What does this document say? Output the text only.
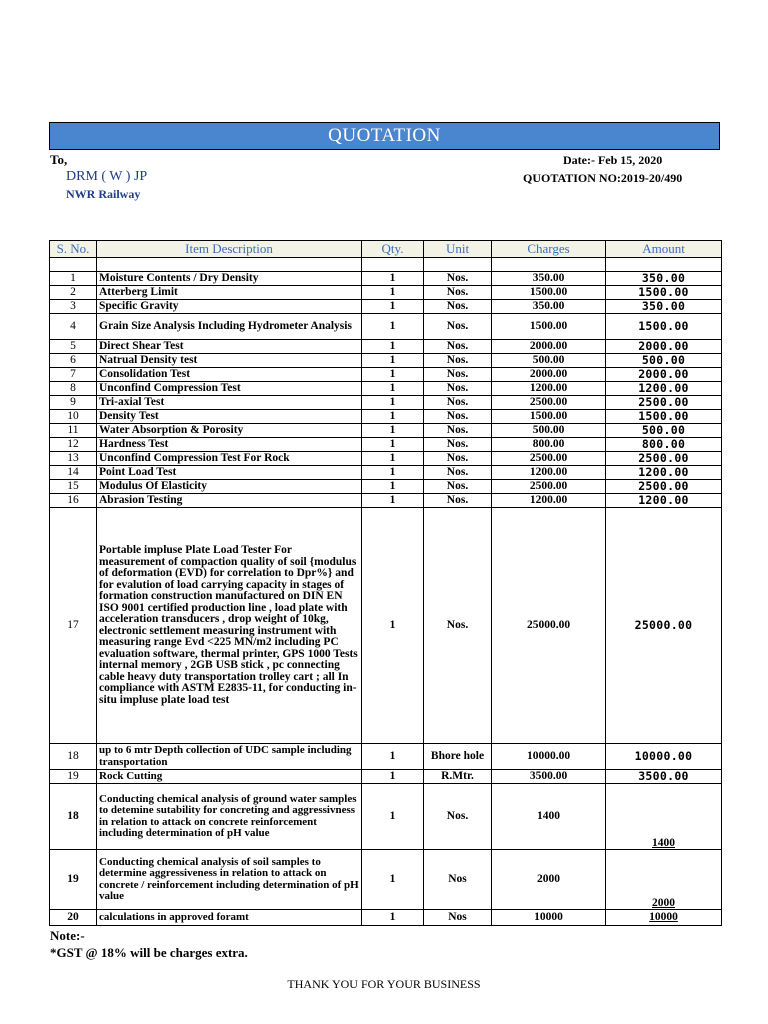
QUOTATION
To,
DRM ( W ) JP
NWR Railway
Date:- Feb 15, 2020
QUOTATION NO:2019-20/490
S. No.	Item Description	Qty.	Unit	Charges	Amount

1	Moisture Contents / Dry Density	1	Nos.	350.00	350.00
2	Atterberg Limit	1	Nos.	1500.00	1500.00
3	Specific Gravity	1	Nos.	350.00	350.00
4	Grain Size Analysis Including Hydrometer Analysis	1	Nos.	1500.00	1500.00
5	Direct Shear Test	1	Nos.	2000.00	2000.00
6	Natrual Density test	1	Nos.	500.00	500.00
7	Consolidation Test	1	Nos.	2000.00	2000.00
8	Unconfind Compression Test	1	Nos.	1200.00	1200.00
9	Tri-axial Test	1	Nos.	2500.00	2500.00
10	Density Test	1	Nos.	1500.00	1500.00
11	Water Absorption & Porosity	1	Nos.	500.00	500.00
12	Hardness Test	1	Nos.	800.00	800.00
13	Unconfind Compression Test For Rock	1	Nos.	2500.00	2500.00
14	Point Load Test	1	Nos.	1200.00	1200.00
15	Modulus Of Elasticity	1	Nos.	2500.00	2500.00
16	Abrasion Testing	1	Nos.	1200.00	1200.00
17	Portable impluse Plate Load Tester For measurement of compaction quality of soil {modulus of deformation (EVD) for correlation to Dpr%} and for evalution of load carrying capacity in stages of formation construction manufactured on DIN EN ISO 9001 certified production line , load plate with acceleration transducers , drop weight of 10kg, electronic settlement measuring instrument with measuring range Evd <225 MN/m2 including PC evaluation software, thermal printer, GPS 1000 Tests internal memory , 2GB USB stick , pc connecting cable heavy duty transportation trolley cart ; all In compliance with ASTM E2835-11, for conducting in-situ impluse plate load test	1	Nos.	25000.00	25000.00
18	up to 6 mtr Depth collection of UDC sample including transportation	1	Bhore hole	10000.00	10000.00
19	Rock Cutting	1	R.Mtr.	3500.00	3500.00
18	Conducting chemical analysis of ground water samples to detemine sutability for concreting and aggressivness in relation to attack on concrete reinforcement including determination of pH value	1	Nos.	1400	1400
19	Conducting chemical analysis of soil samples to determine aggressiveness in relation to attack on concrete / reinforcement including determination of pH value	1	Nos	2000	2000
20	calculations in approved foramt	1	Nos	10000	10000
Note:-
*GST @ 18% will be charges extra.
THANK YOU FOR YOUR BUSINESS
